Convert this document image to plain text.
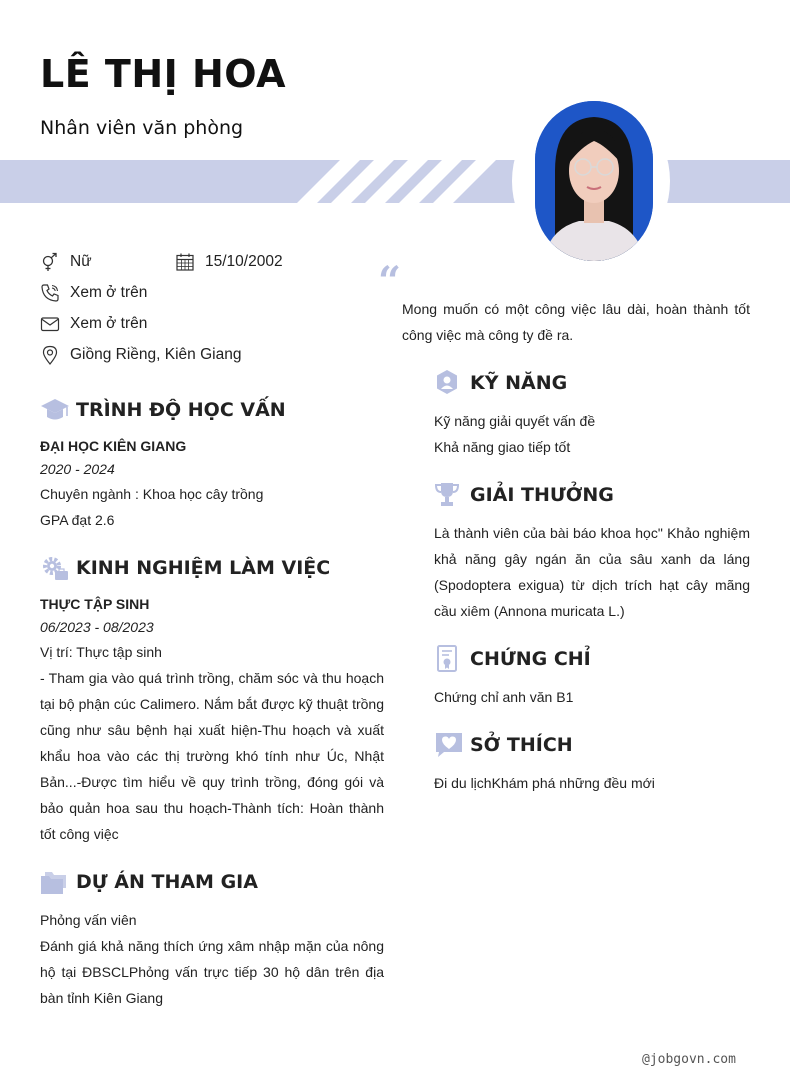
LÊ THỊ HOA
Nhân viên văn phòng
Nữ	15/10/2002
Xem ở trên
Xem ở trên
Giồng Riềng, Kiên Giang
“
Mong muốn có một công việc lâu dài, hoàn thành tốt công việc mà công ty đề ra.
TRÌNH ĐỘ HỌC VẤN
ĐẠI HỌC KIÊN GIANG
2020 - 2024
Chuyên ngành : Khoa học cây trồng
GPA đạt 2.6
KINH NGHIỆM LÀM VIỆC
THỰC TẬP SINH
06/2023 - 08/2023
Vị trí: Thực tập sinh
- Tham gia vào quá trình trồng, chăm sóc và thu hoạch tại bộ phận cúc Calimero. Nắm bắt được kỹ thuật trồng cũng như sâu bệnh hại xuất hiện-Thu hoạch và xuất khẩu hoa vào các thị trường khó tính như Úc, Nhật Bản...-Được tìm hiểu về quy trình trồng, đóng gói và bảo quản hoa sau thu hoạch-Thành tích: Hoàn thành tốt công việc
DỰ ÁN THAM GIA
Phỏng vấn viên
Đánh giá khả năng thích ứng xâm nhập mặn của nông hộ tại ĐBSCLPhỏng vấn trực tiếp 30 hộ dân trên địa bàn tỉnh Kiên Giang
KỸ NĂNG
Kỹ năng giải quyết vấn đề
Khả năng giao tiếp tốt
GIẢI THƯỞNG
Là thành viên của bài báo khoa học" Khảo nghiệm khả năng gây ngán ăn của sâu xanh da láng (Spodoptera exigua) từ dịch trích hạt cây mãng cầu xiêm (Annona muricata L.)
CHỨNG CHỈ
Chứng chỉ anh văn B1
SỞ THÍCH
Đi du lịchKhám phá những đều mới
@jobgovn.com
